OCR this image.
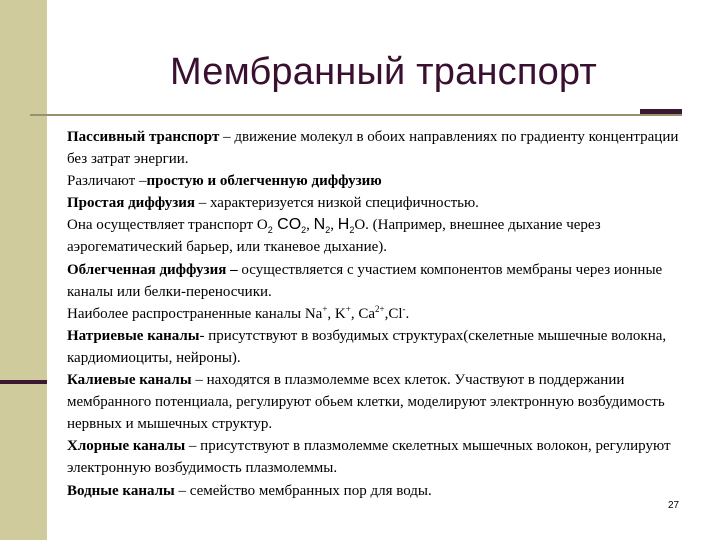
Мембранный транспорт

Пассивный транспорт – движение молекул в обоих направлениях по градиенту концентрации без затрат энергии.

Различают –простую и облегченную диффузию

Простая диффузия – характеризуется низкой специфичностью.

Она осуществляет транспорт $О_2$ $CO_2$, $N_2$, $H_2O$. (Например, внешнее дыхание через аэрогематический барьер, или тканевое дыхание).

Облегченная диффузия – осуществляется с участием компонентов мембраны через ионные каналы или белки-переносчики.

Наиболее распространенные каналы Na+, K+, $Ca^{2+},Cl^-$.

Натриевые каналы- присутствуют в возбудимых структурах(скелетные мышечные волокна, кардиомиоциты, нейроны).

Калиевые каналы – находятся в плазмолемме всех клеток. Участвуют в поддержании мембранного потенциала, регулируют обьем клетки, моделируют электронную возбудимость нервных и мышечных структур.

Хлорные каналы – присутствуют в плазмолемме скелетных мышечных волокон, регулируют электронную возбудимость плазмолеммы.

Водные каналы – семейство мембранных пор для воды.

27
